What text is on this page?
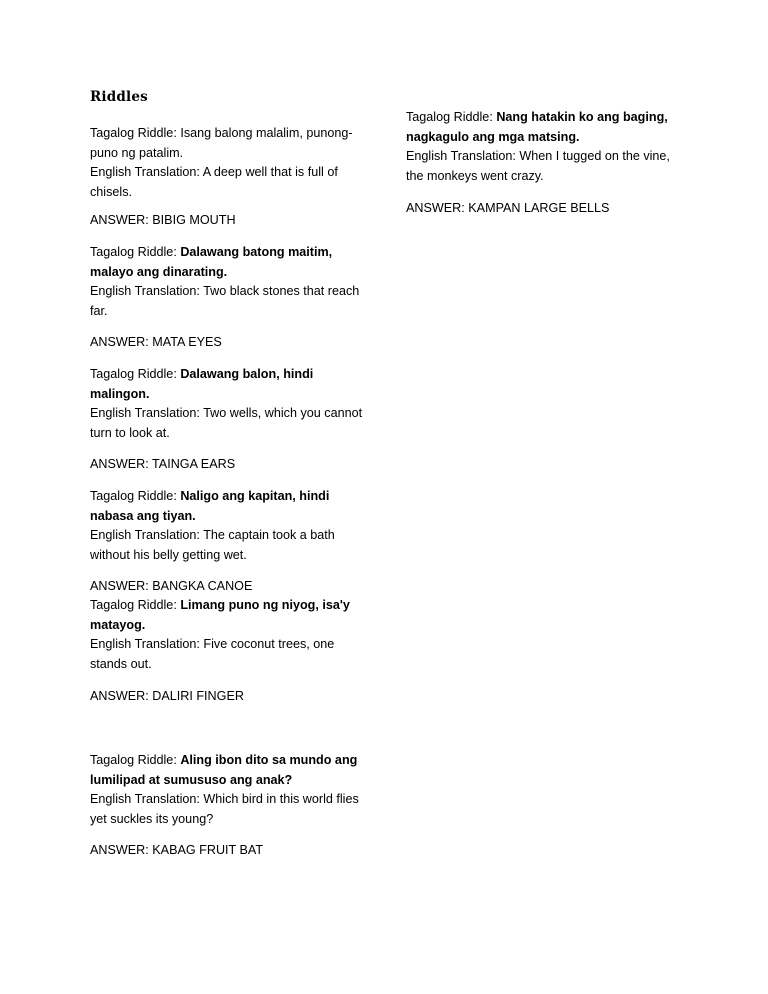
Riddles
Tagalog Riddle: Isang balong malalim, punong-puno ng patalim.
English Translation: A deep well that is full of chisels.

ANSWER: BIBIG MOUTH

Tagalog Riddle: Dalawang batong maitim, malayo ang dinarating.
English Translation: Two black stones that reach far.

ANSWER: MATA EYES

Tagalog Riddle: Dalawang balon, hindi malingon.
English Translation: Two wells, which you cannot turn to look at.

ANSWER: TAINGA EARS

Tagalog Riddle: Naligo ang kapitan, hindi nabasa ang tiyan.
English Translation: The captain took a bath without his belly getting wet.

ANSWER: BANGKA CANOE

Tagalog Riddle: Limang puno ng niyog, isa'y matayog.
English Translation: Five coconut trees, one stands out.

ANSWER: DALIRI FINGER

Tagalog Riddle: Aling ibon dito sa mundo ang lumilipad at sumususo ang anak?
English Translation: Which bird in this world flies yet suckles its young?

ANSWER: KABAG FRUIT BAT

Tagalog Riddle: Nang hatakin ko ang baging, nagkagulo ang mga matsing.
English Translation: When I tugged on the vine, the monkeys went crazy.

ANSWER: KAMPAN LARGE BELLS
